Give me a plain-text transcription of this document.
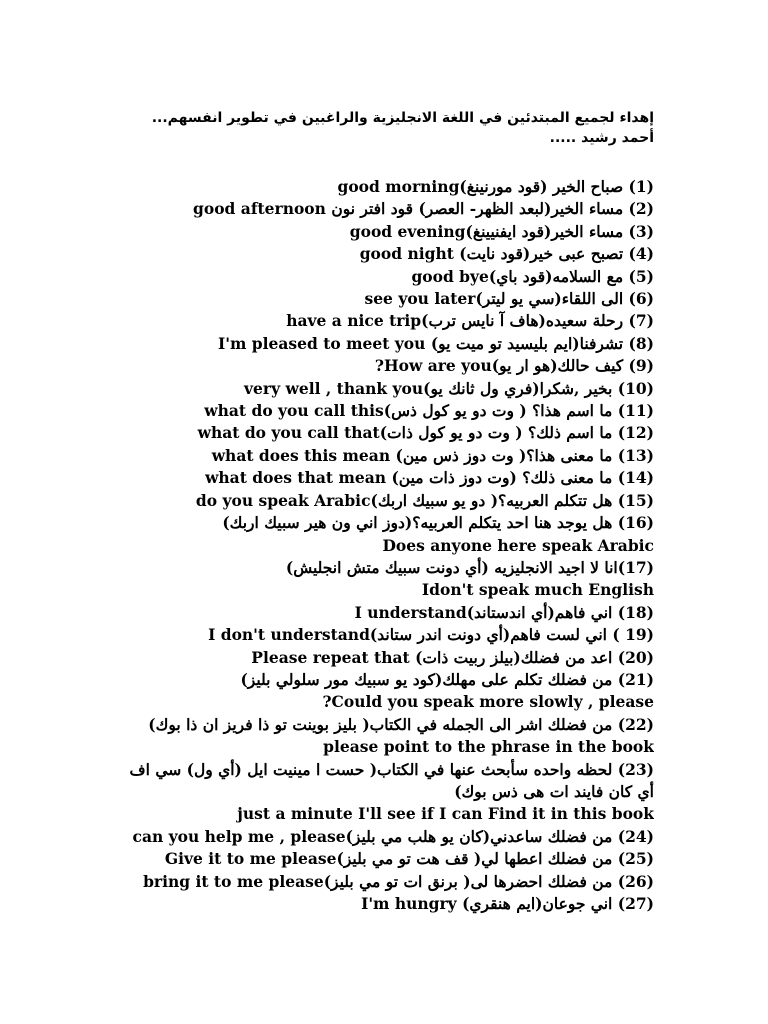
إهداء لجميع المبتدئين في اللغة الانجليزية والراغبين في تطوير انفسهم...
أحمد رشيد .....
(1) صباح الخير (قود مورنينغ)good morning
(2) مساء الخير(لبعد الظهر- العصر) قود افتر نون good afternoon
(3) مساء الخير(قود ايفنيينغ)good evening
(4) تصبح عبى خير(قود نايت) good night
(5) مع السلامه(قود باي)good bye
(6) الى اللقاء(سي يو ليتر)see you later
(7) رحلة سعيده(هاف آ نايس ترب)have a nice trip
(8) تشرفنا(ايم بليسيد تو ميت يو) I'm pleased to meet you
(9) كيف حالك(هو ار يو)How are you?
(10) بخير ,شكرا(فري ول ثانك يو)very well , thank you
(11) ما اسم هذا؟ ( وت دو يو كول ذس)what do you call this
(12) ما اسم ذلك؟ ( وت دو يو كول ذات)what do you call that
(13) ما معنى هذا؟( وت دوز ذس مين) what does this mean
(14) ما معنى ذلك؟ (وت دوز ذات مين) what does that mean
(15) هل تتكلم العربيه؟( دو يو سبيك اربك)do you speak Arabic
(16) هل يوجد هنا احد يتكلم العربيه؟(دوز اني ون هير سبيك اربك)
Does anyone here speak Arabic
(17)انا لا اجيد الانجليزيه (أي دونت سبيك متش انجليش)
Idon't speak much English
(18) اني فاهم(أي اندستاند)I understand
(19 ) اني لست فاهم(أي دونت اندر ستاند)I don't understand
(20) اعد من فضلك(بيلز ربيت ذات) Please repeat that
(21) من فضلك تكلم على مهلك(كود يو سبيك مور سلولي بليز)
Could you speak more slowly , please?
(22) من فضلك اشر الى الجمله في الكتاب( بليز بوينت تو ذا فريز ان ذا بوك)
please point to the phrase in the book
(23) لحظه واحده سأبحث عنها في الكتاب( حست ا مينيت ايل (أي ول) سي اف
أي كان فايند ات هى ذس بوك)
just a minute I'll see if I can Find it in this book
(24) من فضلك ساعدني(كان يو هلب مي بليز)can you help me , please
(25) من فضلك اعطها لي( قف هت تو مي بليز)Give it to me please
(26) من فضلك احضرها لى( برنق ات تو مي بليز)bring it to me please
(27) اني جوعان(ايم هنقري) I'm hungry
